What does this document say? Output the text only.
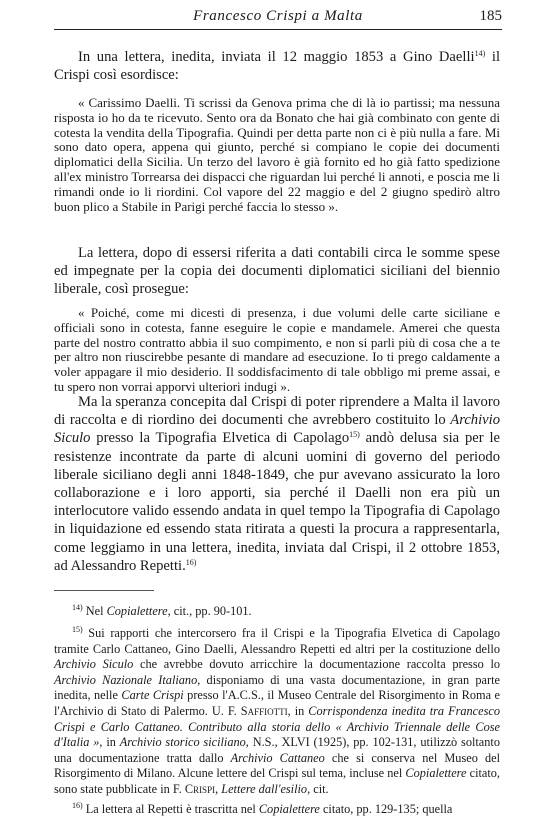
Francesco Crispi a Malta	185

In una lettera, inedita, inviata il 12 maggio 1853 a Gino Daelli$^{14)}$ il Crispi così esordisce:

« Carissimo Daelli. Ti scrissi da Genova prima che di là io partissi; ma nessuna risposta io ho da te ricevuto. Sento ora da Bonato che hai già combinato con gente di cotesta la vendita della Tipografia. Quindi per detta parte non ci è più nulla a fare. Mi sono dato opera, appena qui giunto, perché si compiano le copie dei documenti diplomatici della Sicilia. Un terzo del lavoro è già fornito ed ho già fatto spedizione all'ex ministro Torrearsa dei dispacci che riguardan lui perché li annoti, e poscia me li rimandi onde io li riordini. Col vapore del 22 maggio e del 2 giugno spedirò altro buon plico a Stabile in Parigi perché faccia lo stesso ».

La lettera, dopo di essersi riferita a dati contabili circa le somme spese ed impegnate per la copia dei documenti diplomatici siciliani del biennio liberale, così prosegue:

« Poiché, come mi dicesti di presenza, i due volumi delle carte siciliane e officiali sono in cotesta, fanne eseguire le copie e mandamele. Amerei che questa parte del nostro contratto abbia il suo compimento, e non si parli più di cosa che a te per altro non riuscirebbe pesante di mandare ad esecuzione. Io ti prego caldamente a voler appagare il mio desiderio. Il soddisfacimento di tale obbligo mi preme assai, e tu spero non vorrai apporvi ulteriori indugi ».

Ma la speranza concepita dal Crispi di poter riprendere a Malta il lavoro di raccolta e di riordino dei documenti che avrebbero costituito lo Archivio Siculo presso la Tipografia Elvetica di Capolago$^{15)}$ andò delusa sia per le resistenze incontrate da parte di alcuni uomini di governo del periodo liberale siciliano degli anni 1848-1849, che pur avevano assicurato la loro collaborazione e i loro apporti, sia perché il Daelli non era più un interlocutore valido essendo andata in quel tempo la Tipografia di Capolago in liquidazione ed essendo stata ritirata a questi la procura a rappresentarla, come leggiamo in una lettera, inedita, inviata dal Crispi, il 2 ottobre 1853, ad Alessandro Repetti.$^{16)}$

$^{14)}$ Nel Copialettere, cit., pp. 90-101.

$^{15)}$ Sui rapporti che intercorsero fra il Crispi e la Tipografia Elvetica di Capolago tramite Carlo Cattaneo, Gino Daelli, Alessandro Repetti ed altri per la costituzione dello Archivio Siculo che avrebbe dovuto arricchire la documentazione raccolta presso lo Archivio Nazionale Italiano, disponiamo di una vasta documentazione, in gran parte inedita, nelle Carte Crispi presso l'A.C.S., il Museo Centrale del Risorgimento in Roma e l'Archivio di Stato di Palermo. U. F. Saffiotti, in Corrispondenza inedita tra Francesco Crispi e Carlo Cattaneo. Contributo alla storia dello « Archivio Triennale delle Cose d'Italia », in Archivio storico siciliano, N.S., XLVI (1925), pp. 102-131, utilizzò soltanto una documentazione tratta dallo Archivio Cattaneo che si conserva nel Museo del Risorgimento di Milano. Alcune lettere del Crispi sul tema, incluse nel Copialettere citato, sono state pubblicate in F. Crispi, Lettere dall'esilio, cit.

$^{16)}$ La lettera al Repetti è trascritta nel Copialettere citato, pp. 129-135; quella
